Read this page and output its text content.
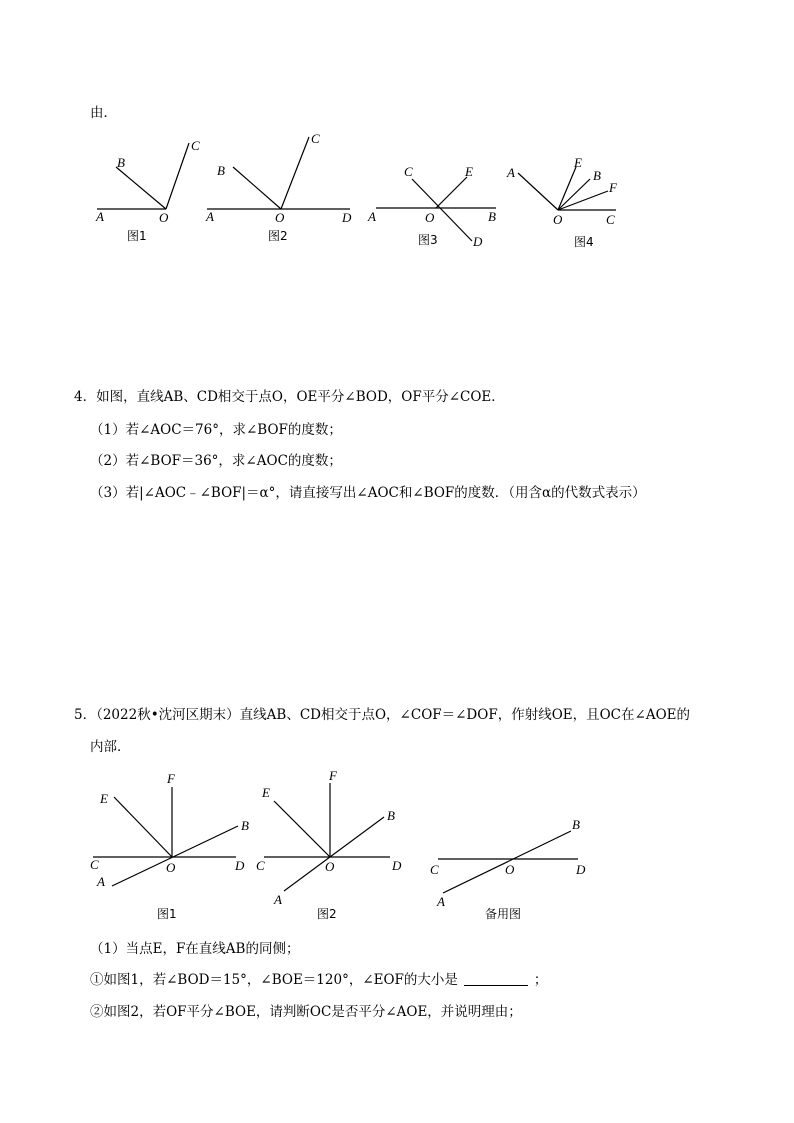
由．
A	O
B
C
图1
A	O	D
B
C
图2
A	O	B
C	E
D
图3
A
O	C
E
B
F
图4
F
E
B
C	O	D
A
图1
F
E
B
C	O	D
A
图2
B
C	O	D
A
备用图
4．如图，直线AB、CD相交于点O，OE平分∠BOD，OF平分∠COE．
（1）若∠AOC＝76°，求∠BOF的度数；
（2）若∠BOF＝36°，求∠AOC的度数；
（3）若|∠AOC﹣∠BOF|＝α°，请直接写出∠AOC和∠BOF的度数．（用含α的代数式表示）
5．（2022秋•沈河区期末）直线AB、CD相交于点O，∠COF＝∠DOF，作射线OE，且OC在∠AOE的
内部．
（1）当点E，F在直线AB的同侧；
①如图1，若∠BOD＝15°，∠BOE＝120°，∠EOF的大小是	；
②如图2，若OF平分∠BOE，请判断OC是否平分∠AOE，并说明理由；
